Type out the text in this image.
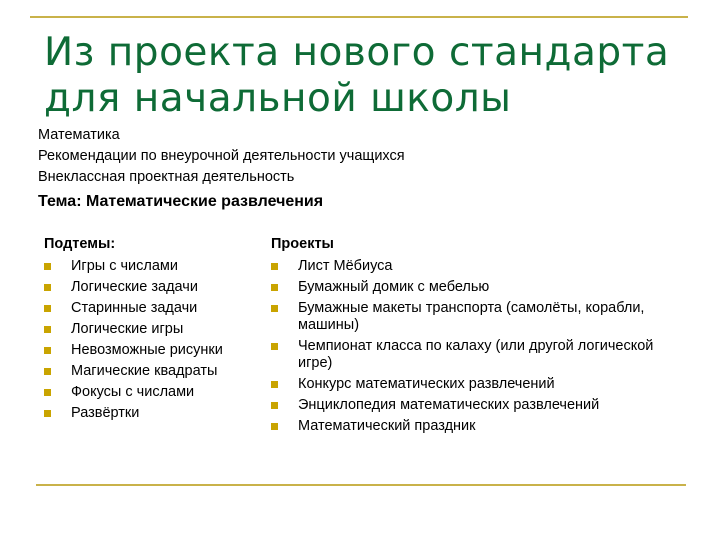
Из проекта нового стандарта для начальной школы
Математика
Рекомендации по внеурочной деятельности учащихся
Внеклассная проектная деятельность
Тема: Математические развлечения
Подтемы:
Игры с числами
Логические задачи
Старинные задачи
Логические игры
Невозможные рисунки
Магические квадраты
Фокусы с числами
Развёртки
Проекты
Лист Мёбиуса
Бумажный домик с мебелью
Бумажные макеты транспорта (самолёты, корабли, машины)
Чемпионат класса по калаху (или другой логической игре)
Конкурс математических развлечений
Энциклопедия математических развлечений
Математический праздник
